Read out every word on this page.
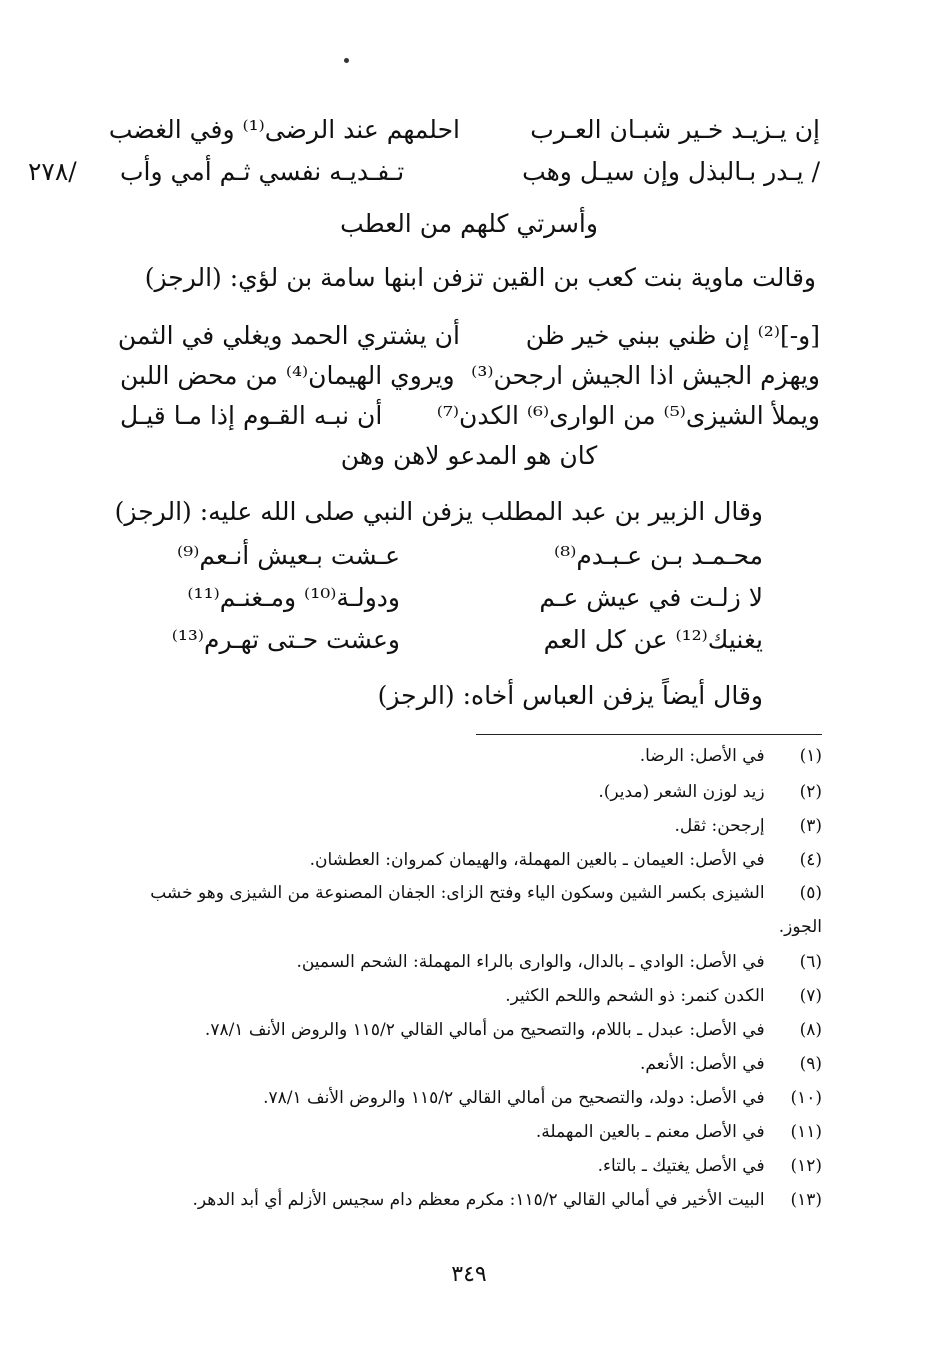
إن يـزيـد خـير شبـان العـرب
احلمهم عند الرضى⁽¹⁾ وفي الغضب
/ يـدر بـالبذل وإن سيـل وهب
تـفـديـه نفسي ثـم أمي وأب
/٢٧٨
وأسرتي كلهم من العطب
وقالت ماوية بنت كعب بن القين تزفن ابنها سامة بن لؤي: (الرجز)
[و-]⁽²⁾ إن ظني ببني خير ظن
أن يشتري الحمد ويغلي في الثمن
ويهزم الجيش اذا الجيش ارجحن⁽³⁾
ويروي الهيمان⁽⁴⁾ من محض اللبن
ويملأ الشيزى⁽⁵⁾ من الوارى⁽⁶⁾ الكدن⁽⁷⁾
أن نبـه القـوم إذا مـا قيـل
كان هو المدعو لاهن وهن
وقال الزبير بن عبد المطلب يزفن النبي صلى الله عليه: (الرجز)
محـمـد بـن عـبـدم⁽⁸⁾
عـشت بـعيش أنـعم⁽⁹⁾
لا زلـت في عيش عـم
ودولـة⁽¹⁰⁾ ومـغنـم⁽¹¹⁾
يغنيك⁽¹²⁾ عن كل العم
وعشت حـتى تهـرم⁽¹³⁾
وقال أيضاً يزفن العباس أخاه: (الرجز)
(١) في الأصل: الرضا.
(٢) زيد لوزن الشعر (مدير).
(٣) إرجحن: ثقل.
(٤) في الأصل: العيمان ـ بالعين المهملة، والهيمان كمروان: العطشان.
(٥) الشيزى بكسر الشين وسكون الياء وفتح الزاى: الجفان المصنوعة من الشيزى وهو خشب الجوز.
(٦) في الأصل: الوادي ـ بالدال، والوارى بالراء المهملة: الشحم السمين.
(٧) الكدن كنمر: ذو الشحم واللحم الكثير.
(٨) في الأصل: عبدل ـ باللام، والتصحيح من أمالي القالي ١١٥/٢ والروض الأنف ٧٨/١.
(٩) في الأصل: الأنعم.
(١٠) في الأصل: دولد، والتصحيح من أمالي القالي ١١٥/٢ والروض الأنف ٧٨/١.
(١١) في الأصل معنم ـ بالعين المهملة.
(١٢) في الأصل يغتيك ـ بالتاء.
(١٣) البيت الأخير في أمالي القالي ١١٥/٢: مكرم معظم دام سجيس الأزلم أي أبد الدهر.
٣٤٩
